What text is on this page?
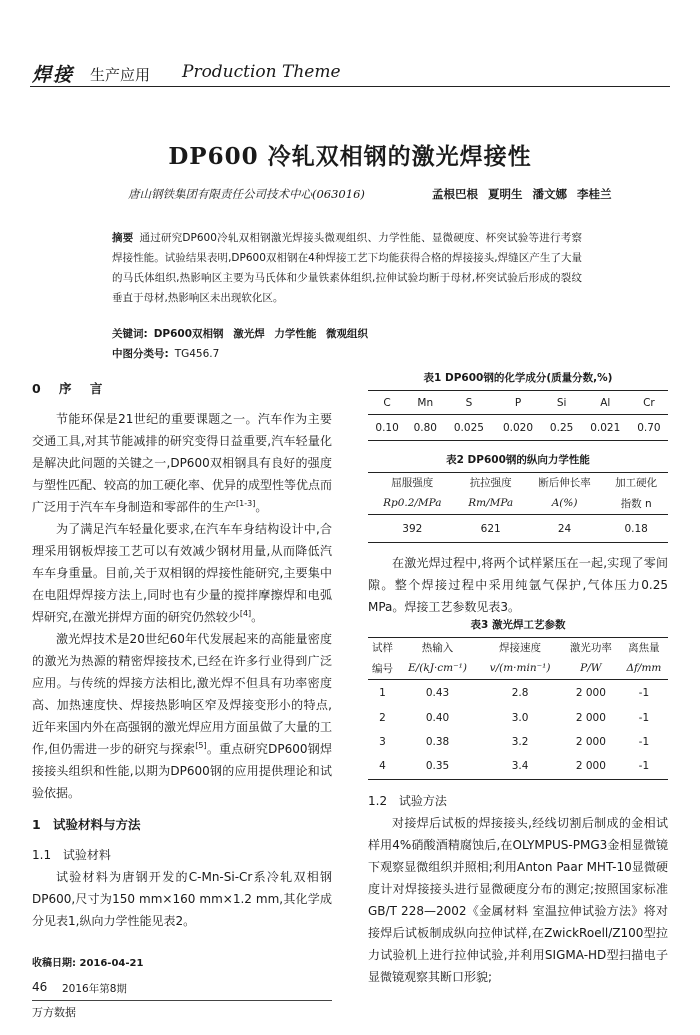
焊接 生产应用 Production Theme
DP600 冷轧双相钢的激光焊接性
唐山钢铁集团有限责任公司技术中心(063016)	孟根巴根 夏明生 潘文娜 李桂兰
摘要 通过研究DP600冷轧双相钢激光焊接头微观组织、力学性能、显微硬度、杯突试验等进行考察焊接性能。试验结果表明,DP600双相钢在4种焊接工艺下均能获得合格的焊接接头,焊缝区产生了大量的马氏体组织,热影响区主要为马氏体和少量铁素体组织,拉伸试验均断于母材,杯突试验后形成的裂纹垂直于母材,热影响区未出现软化区。
关键词: DP600双相钢 激光焊 力学性能 微观组织
中图分类号: TG456.7
0 序 言

节能环保是21世纪的重要课题之一。汽车作为主要交通工具,对其节能减排的研究变得日益重要,汽车轻量化是解决此问题的关键之一,DP600双相钢具有良好的强度与塑性匹配、较高的加工硬化率、优异的成型性等优点而广泛用于汽车车身制造和零部件的生产[1-3]。

为了满足汽车轻量化要求,在汽车车身结构设计中,合理采用钢板焊接工艺可以有效减少钢材用量,从而降低汽车车身重量。目前,关于双相钢的焊接性能研究,主要集中在电阻焊焊接方法上,同时也有少量的搅拌摩擦焊和电弧焊研究,在激光拼焊方面的研究仍然较少[4]。

激光焊技术是20世纪60年代发展起来的高能量密度的激光为热源的精密焊接技术,已经在许多行业得到广泛应用。与传统的焊接方法相比,激光焊不但具有功率密度高、加热速度快、焊接热影响区窄及焊接变形小的特点,近年来国内外在高强钢的激光焊应用方面虽做了大量的工作,但仍需进一步的研究与探索[5]。重点研究DP600钢焊接接头组织和性能,以期为DP600钢的应用提供理论和试验依据。

1 试验材料与方法
1.1 试验材料

试验材料为唐钢开发的C-Mn-Si-Cr系冷轧双相钢DP600,尺寸为150 mm×160 mm×1.2 mm,其化学成分见表1,纵向力学性能见表2。

收稿日期: 2016-04-21
46 2016年第8期
万方数据
表1 DP600钢的化学成分(质量分数,%)
C	Mn	S	P	Si	Al	Cr
0.10	0.80	0.025	0.020	0.25	0.021	0.70
表2 DP600钢的纵向力学性能
屈服强度	抗拉强度	断后伸长率	加工硬化
Rp0.2/MPa	Rm/MPa	A(%)	指数 n
392	621	24	0.18

在激光焊过程中,将两个试样紧压在一起,实现了零间隙。整个焊接过程中采用纯氩气保护,气体压力0.25 MPa。焊接工艺参数见表3。

表3 激光焊工艺参数
试样	热输入	焊接速度	激光功率	离焦量
编号	E/(kJ·cm⁻¹)	v/(m·min⁻¹)	P/W	Δf/mm
1	0.43	2.8	2 000	-1
2	0.40	3.0	2 000	-1
3	0.38	3.2	2 000	-1
4	0.35	3.4	2 000	-1
1.2 试验方法

对接焊后试板的焊接接头,经线切割后制成的金相试样用4%硝酸酒精腐蚀后,在OLYMPUS-PMG3金相显微镜下观察显微组织并照相;利用Anton Paar MHT-10显微硬度计对焊接接头进行显微硬度分布的测定;按照国家标准GB/T 228—2002《金属材料 室温拉伸试验方法》将对接焊后试板制成纵向拉伸试样,在ZwickRoell/Z100型拉力试验机上进行拉伸试验,并利用SIGMA-HD型扫描电子显微镜观察其断口形貌;
